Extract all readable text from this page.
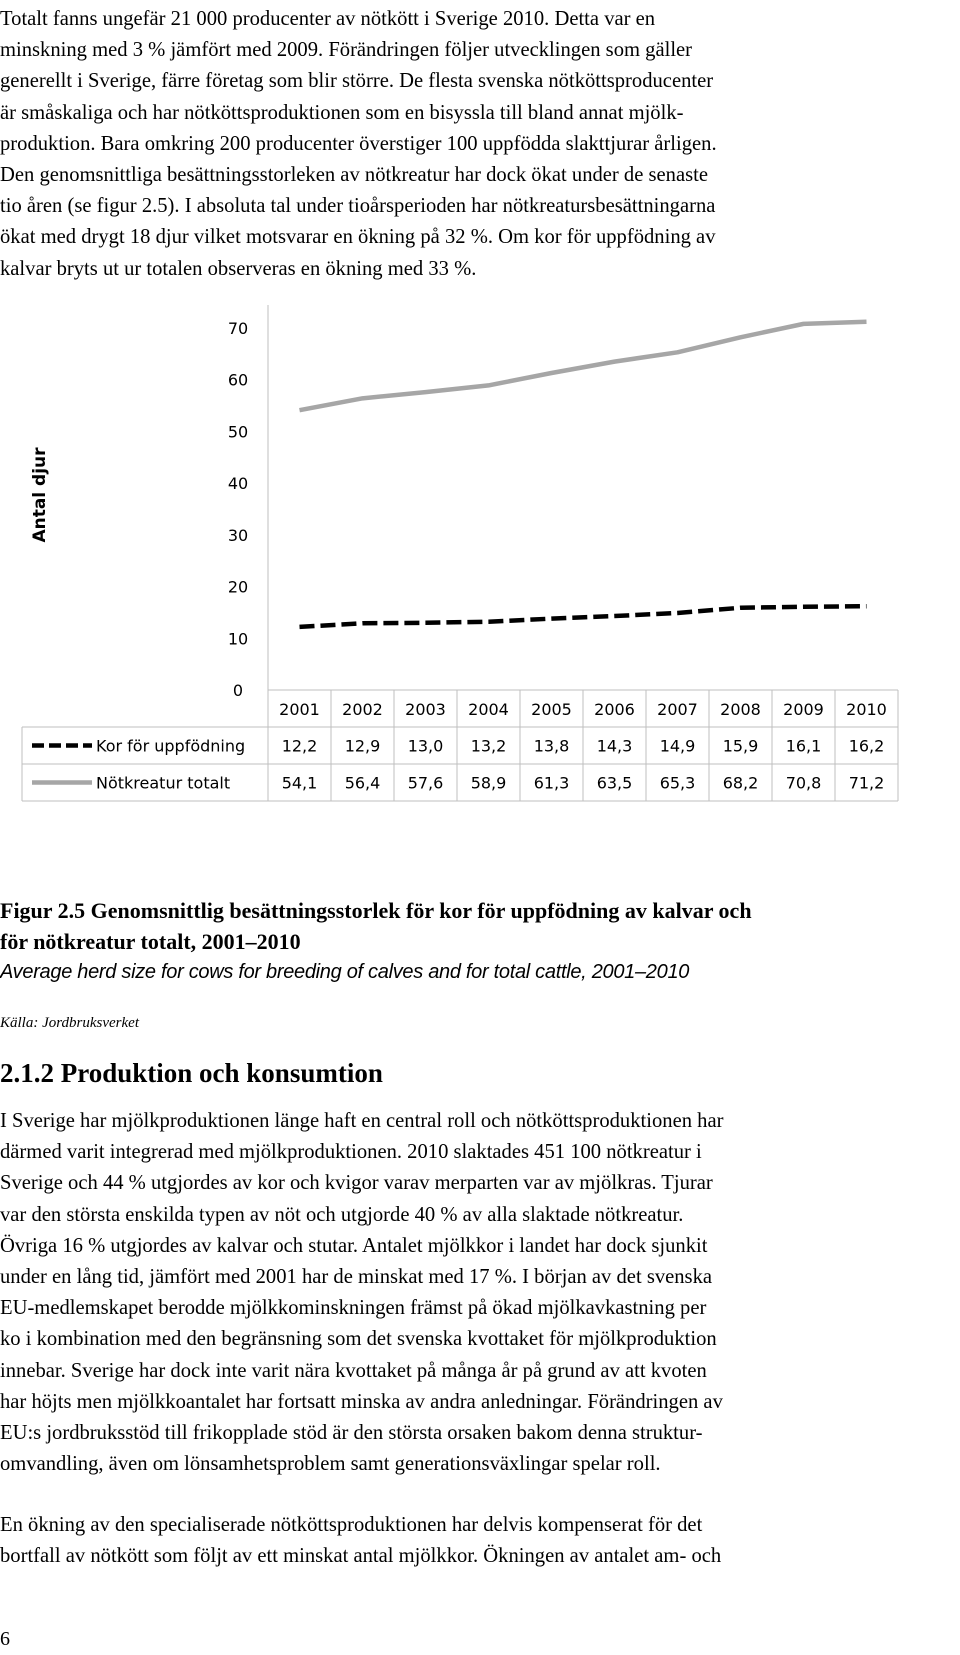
Totalt fanns ungefär 21 000 producenter av nötkött i Sverige 2010. Detta var en

minskning med 3 % jämfört med 2009. Förändringen följer utvecklingen som gäller

generellt i Sverige, färre företag som blir större. De flesta svenska nötköttsproducenter

är småskaliga och har nötköttsproduktionen som en bisyssla till bland annat mjölk-

produktion. Bara omkring 200 producenter överstiger 100 uppfödda slakttjurar årligen.

Den genomsnittliga besättningsstorleken av nötkreatur har dock ökat under de senaste

tio åren (se figur 2.5). I absoluta tal under tioårsperioden har nötkreatursbesättningarna

ökat med drygt 18 djur vilket motsvarar en ökning på 32 %. Om kor för uppfödning av

kalvar bryts ut ur totalen observeras en ökning med 33 %.

0
10
20
30
40
50
60
70
Antal djur
2001 2002 2003 2004 2005 2006 2007 2008 2009 2010
Kor för uppfödning 12,2 12,9 13,0 13,2 13,8 14,3 14,9 15,9 16,1 16,2
Nötkreatur totalt	54,1 56,4 57,6 58,9 61,3 63,5 65,3 68,2 70,8 71,2
Figur 2.5 Genomsnittlig besättningsstorlek för kor för uppfödning av kalvar och
för nötkreatur totalt, 2001–2010
Average herd size for cows for breeding of calves and for total cattle, 2001–2010
Källa: Jordbruksverket
2.1.2 Produktion och konsumtion

I Sverige har mjölkproduktionen länge haft en central roll och nötköttsproduktionen har

därmed varit integrerad med mjölkproduktionen. 2010 slaktades 451 100 nötkreatur i

Sverige och 44 % utgjordes av kor och kvigor varav merparten var av mjölkras. Tjurar

var den största enskilda typen av nöt och utgjorde 40 % av alla slaktade nötkreatur.

Övriga 16 % utgjordes av kalvar och stutar. Antalet mjölkkor i landet har dock sjunkit

under en lång tid, jämfört med 2001 har de minskat med 17 %. I början av det svenska

EU-medlemskapet berodde mjölkkominskningen främst på ökad mjölkavkastning per

ko i kombination med den begränsning som det svenska kvottaket för mjölkproduktion

innebar. Sverige har dock inte varit nära kvottaket på många år på grund av att kvoten

har höjts men mjölkkoantalet har fortsatt minska av andra anledningar. Förändringen av

EU:s jordbruksstöd till frikopplade stöd är den största orsaken bakom denna struktur-

omvandling, även om lönsamhetsproblem samt generationsväxlingar spelar roll.

En ökning av den specialiserade nötköttsproduktionen har delvis kompenserat för det

bortfall av nötkött som följt av ett minskat antal mjölkkor. Ökningen av antalet am- och

6
